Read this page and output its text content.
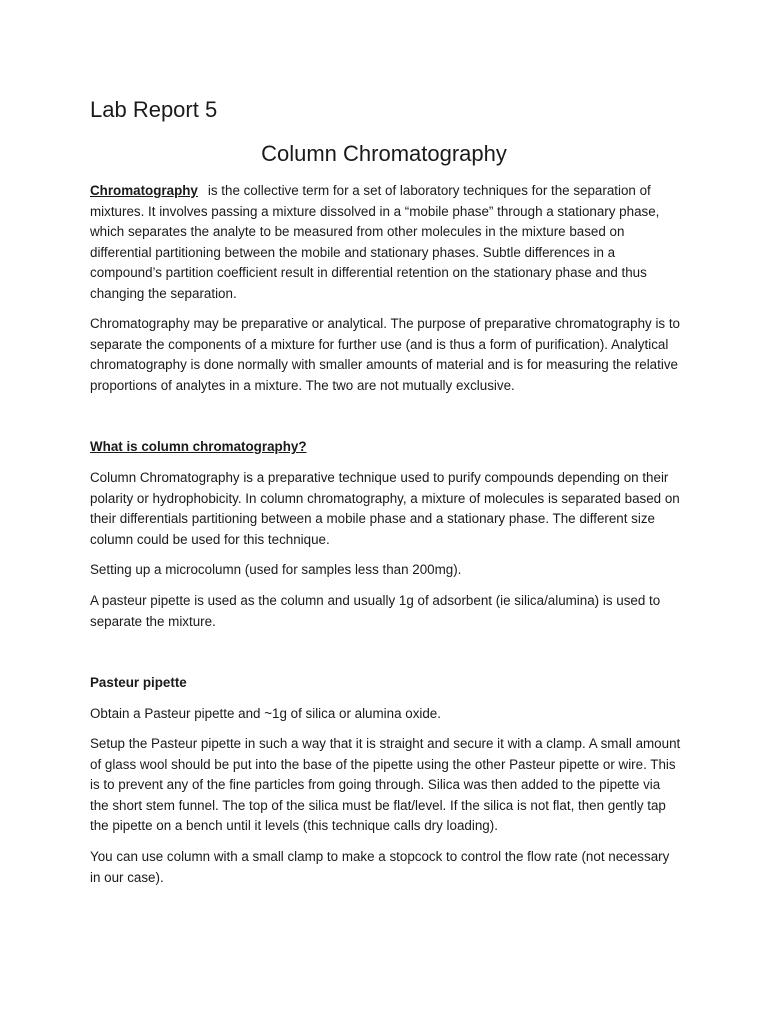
Lab Report 5
Column Chromatography

Chromatography is the collective term for a set of laboratory techniques for the separation of mixtures. It involves passing a mixture dissolved in a “mobile phase” through a stationary phase, which separates the analyte to be measured from other molecules in the mixture based on differential partitioning between the mobile and stationary phases. Subtle differences in a compound’s partition coefficient result in differential retention on the stationary phase and thus changing the separation.

Chromatography may be preparative or analytical. The purpose of preparative chromatography is to separate the components of a mixture for further use (and is thus a form of purification). Analytical chromatography is done normally with smaller amounts of material and is for measuring the relative proportions of analytes in a mixture. The two are not mutually exclusive.

What is column chromatography?

Column Chromatography is a preparative technique used to purify compounds depending on their polarity or hydrophobicity. In column chromatography, a mixture of molecules is separated based on their differentials partitioning between a mobile phase and a stationary phase. The different size column could be used for this technique.

Setting up a microcolumn (used for samples less than 200mg).

A pasteur pipette is used as the column and usually 1g of adsorbent (ie silica/alumina) is used to separate the mixture.

Pasteur pipette

Obtain a Pasteur pipette and ~1g of silica or alumina oxide.

Setup the Pasteur pipette in such a way that it is straight and secure it with a clamp. A small amount of glass wool should be put into the base of the pipette using the other Pasteur pipette or wire. This is to prevent any of the fine particles from going through. Silica was then added to the pipette via the short stem funnel. The top of the silica must be flat/level. If the silica is not flat, then gently tap the pipette on a bench until it levels (this technique calls dry loading).

You can use column with a small clamp to make a stopcock to control the flow rate (not necessary in our case).
